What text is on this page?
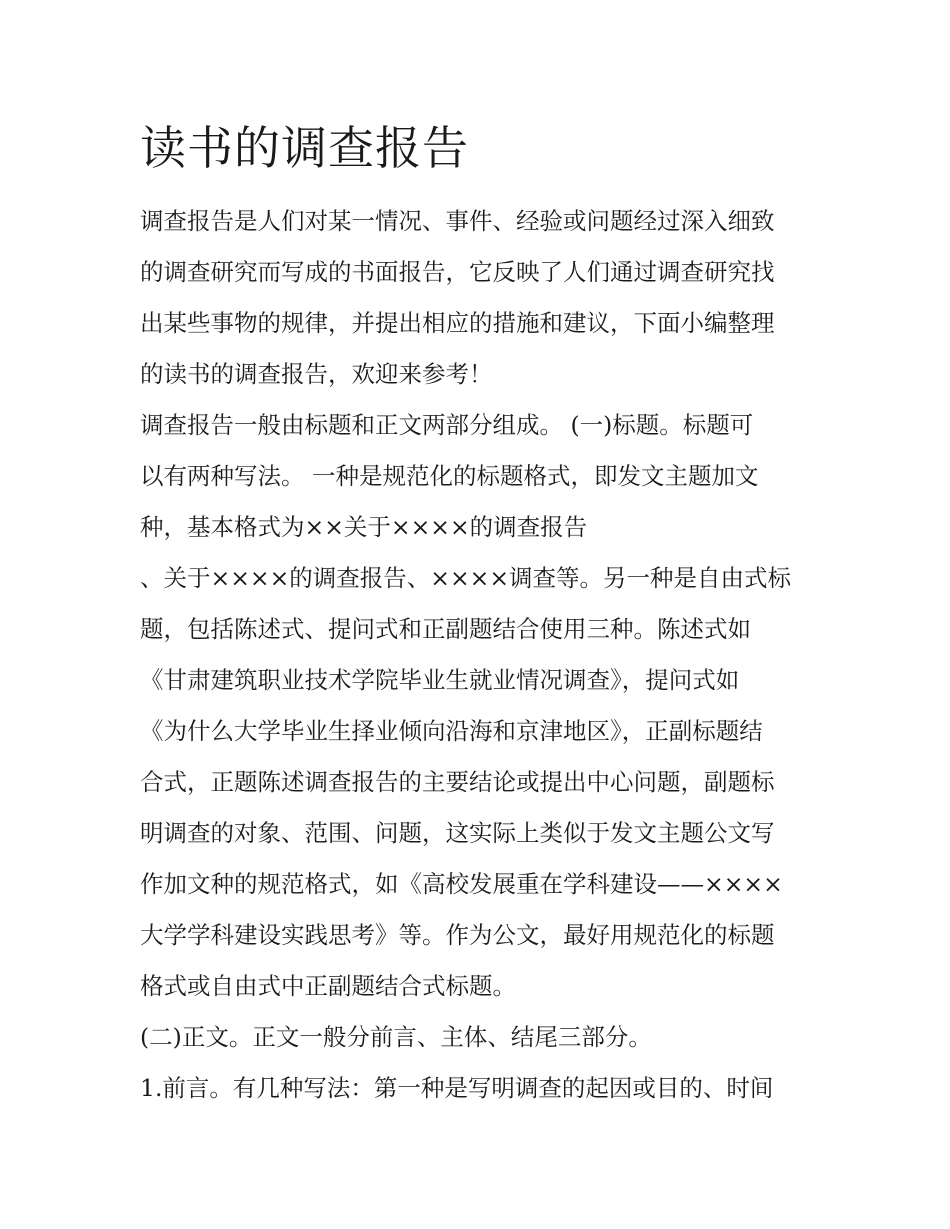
读书的调查报告
调查报告是人们对某一情况、事件、经验或问题经过深入细致
的调查研究而写成的书面报告，它反映了人们通过调查研究找
出某些事物的规律，并提出相应的措施和建议，下面小编整理
的读书的调查报告，欢迎来参考！
调查报告一般由标题和正文两部分组成。 (一)标题。标题可
以有两种写法。 一种是规范化的标题格式，即发文主题加文
种，基本格式为××关于××××的调查报告
、关于××××的调查报告、××××调查等。另一种是自由式标
题，包括陈述式、提问式和正副题结合使用三种。陈述式如
《甘肃建筑职业技术学院毕业生就业情况调查》，提问式如
《为什么大学毕业生择业倾向沿海和京津地区》，正副标题结
合式，正题陈述调查报告的主要结论或提出中心问题，副题标
明调查的对象、范围、问题，这实际上类似于发文主题公文写
作加文种的规范格式，如《高校发展重在学科建设——××××
大学学科建设实践思考》等。作为公文，最好用规范化的标题
格式或自由式中正副题结合式标题。
(二)正文。正文一般分前言、主体、结尾三部分。
1.前言。有几种写法：第一种是写明调查的起因或目的、时间
